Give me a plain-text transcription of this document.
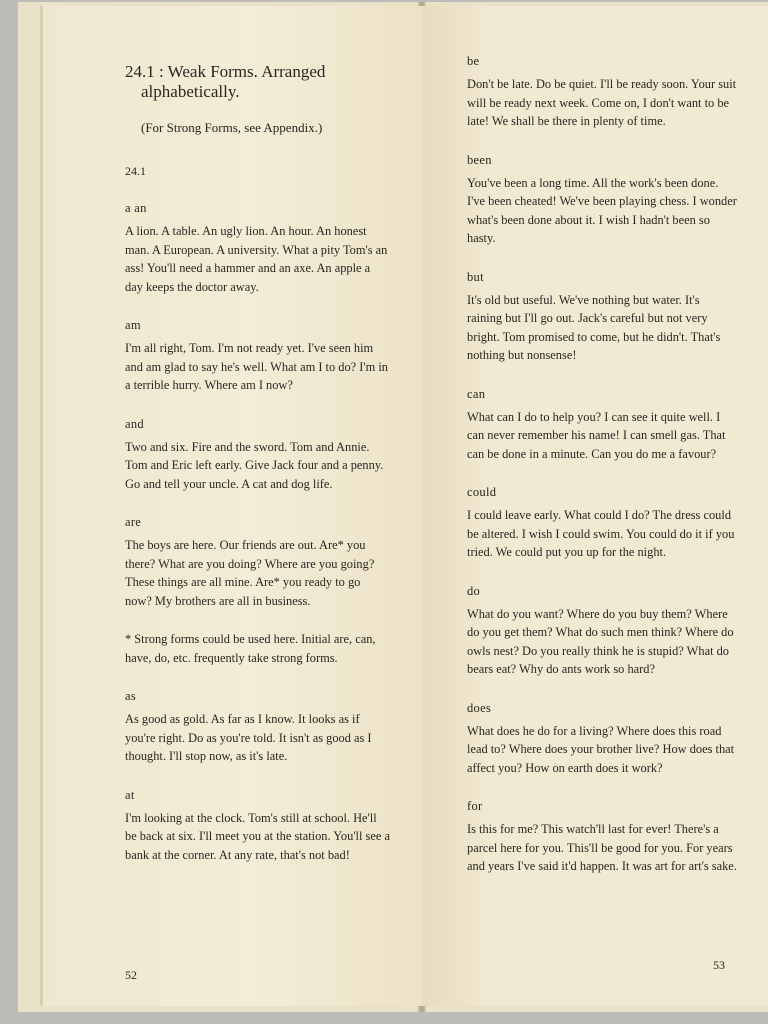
24.1 : Weak Forms. Arranged
alphabetically.
(For Strong Forms, see Appendix.)
24.1
a an
A lion. A table. An ugly lion. An hour. An honest man. A European. A university. What a pity Tom's an ass! You'll need a hammer and an axe. An apple a day keeps the doctor away.
am
I'm all right, Tom. I'm not ready yet. I've seen him and am glad to say he's well. What am I to do? I'm in a terrible hurry. Where am I now?
and
Two and six. Fire and the sword. Tom and Annie. Tom and Eric left early. Give Jack four and a penny. Go and tell your uncle. A cat and dog life.
are
The boys are here. Our friends are out. Are* you there? What are you doing? Where are you going? These things are all mine. Are* you ready to go now? My brothers are all in business.
* Strong forms could be used here. Initial are, can, have, do, etc. frequently take strong forms.
as
As good as gold. As far as I know. It looks as if you're right. Do as you're told. It isn't as good as I thought. I'll stop now, as it's late.
at
I'm looking at the clock. Tom's still at school. He'll be back at six. I'll meet you at the station. You'll see a bank at the corner. At any rate, that's not bad!
52
be
Don't be late. Do be quiet. I'll be ready soon. Your suit will be ready next week. Come on, I don't want to be late! We shall be there in plenty of time.
been
You've been a long time. All the work's been done. I've been cheated! We've been playing chess. I wonder what's been done about it. I wish I hadn't been so hasty.
but
It's old but useful. We've nothing but water. It's raining but I'll go out. Jack's careful but not very bright. Tom promised to come, but he didn't. That's nothing but nonsense!
can
What can I do to help you? I can see it quite well. I can never remember his name! I can smell gas. That can be done in a minute. Can you do me a favour?
could
I could leave early. What could I do? The dress could be altered. I wish I could swim. You could do it if you tried. We could put you up for the night.
do
What do you want? Where do you buy them? Where do you get them? What do such men think? Where do owls nest? Do you really think he is stupid? What do bears eat? Why do ants work so hard?
does
What does he do for a living? Where does this road lead to? Where does your brother live? How does that affect you? How on earth does it work?
for
Is this for me? This watch'll last for ever! There's a parcel here for you. This'll be good for you. For years and years I've said it'd happen. It was art for art's sake.
53
